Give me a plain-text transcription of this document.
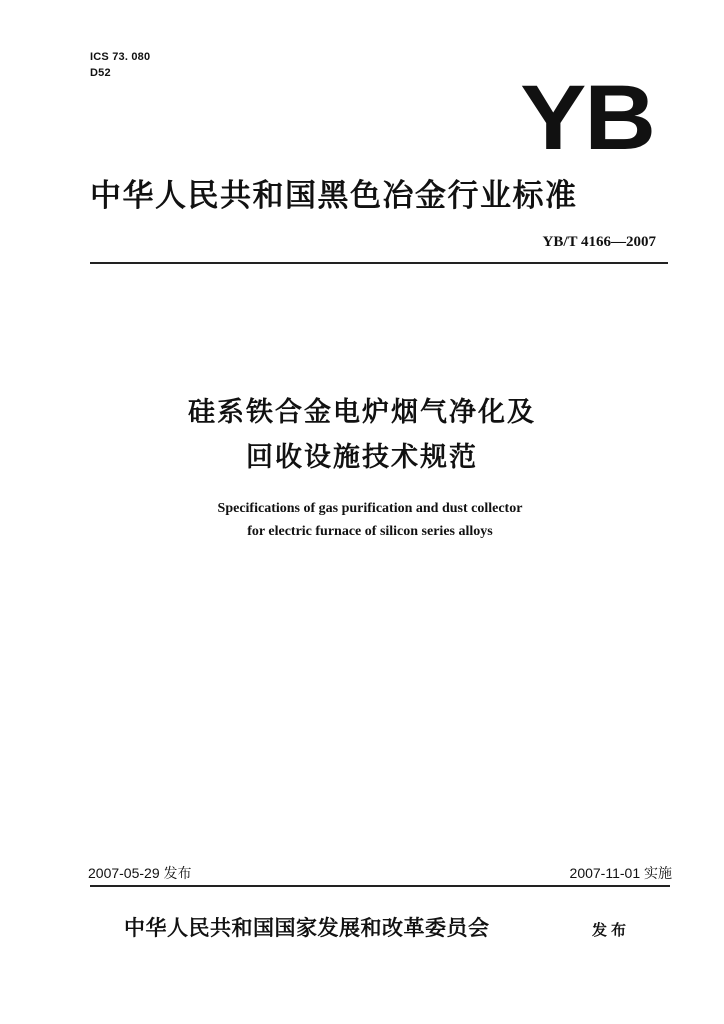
ICS 73. 080
D52	YB
中华人民共和国黑色冶金行业标准
YB/T 4166—2007
硅系铁合金电炉烟气净化及
回收设施技术规范
Specifications of gas purification and dust collector
for electric furnace of silicon series alloys
2007-05-29 发布	2007-11-01 实施
中华人民共和国国家发展和改革委员会	发布
